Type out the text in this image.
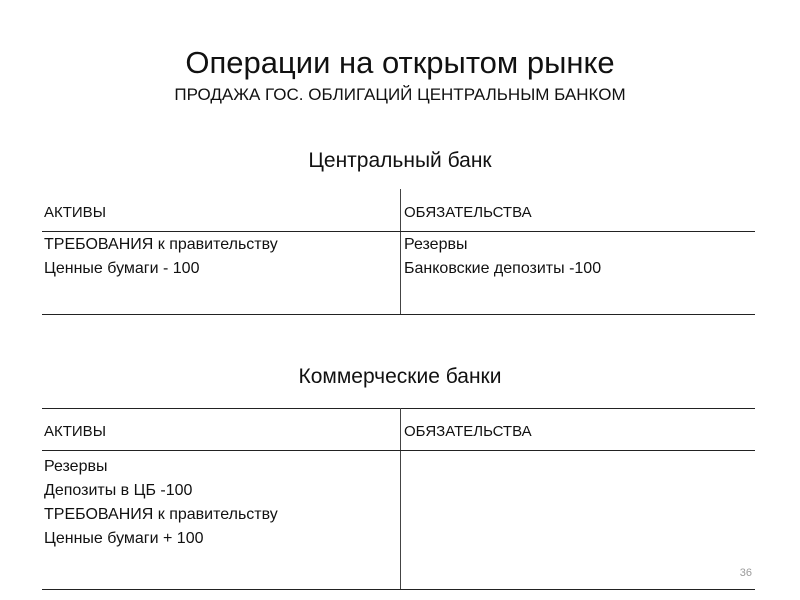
Операции на открытом рынке
ПРОДАЖА ГОС. ОБЛИГАЦИЙ ЦЕНТРАЛЬНЫМ БАНКОМ
Центральный банк
АКТИВЫ	ОБЯЗАТЕЛЬСТВА
ТРЕБОВАНИЯ к правительству
Ценные бумаги - 100
Резервы
Банковские депозиты -100
Коммерческие банки
АКТИВЫ	ОБЯЗАТЕЛЬСТВА
Резервы
Депозиты в ЦБ -100
ТРЕБОВАНИЯ к правительству
Ценные бумаги + 100
36
